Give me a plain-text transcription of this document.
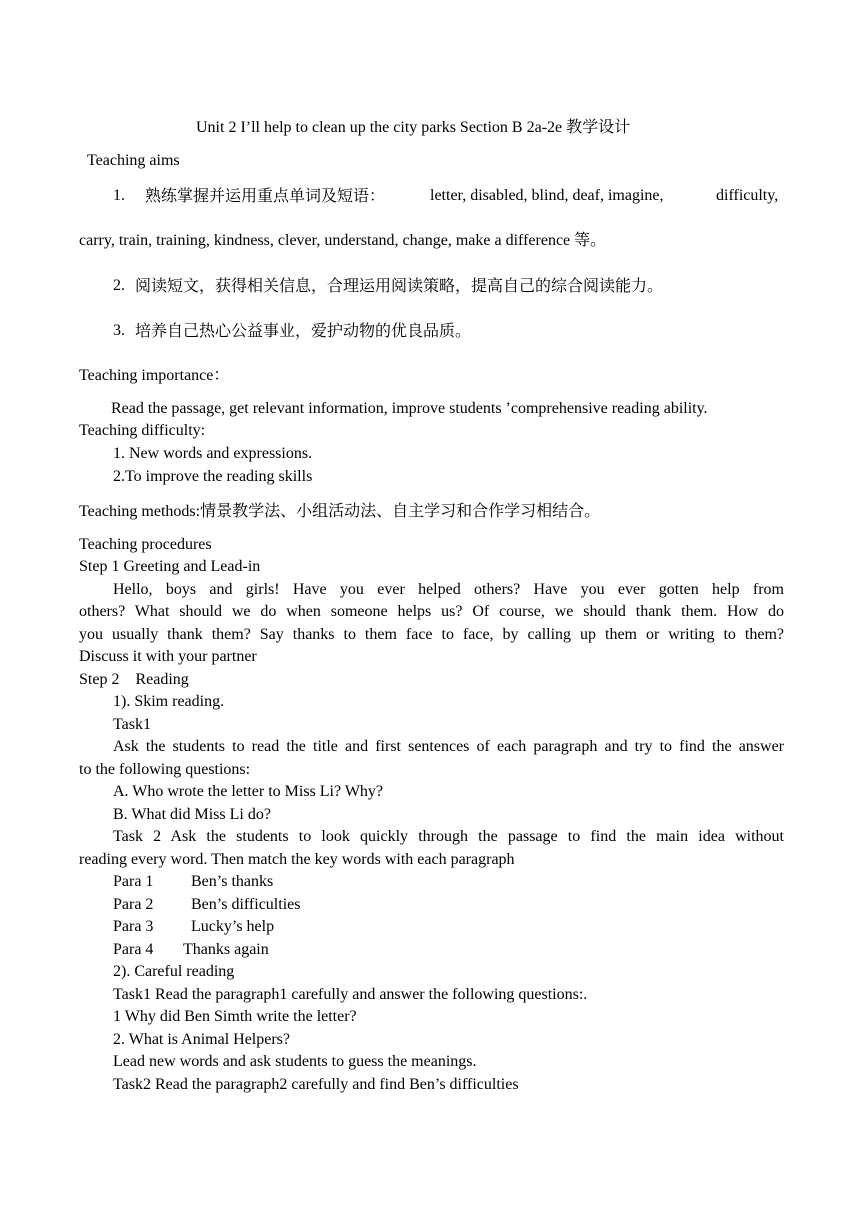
Unit 2 I’ll help to clean up the city parks Section B 2a-2e 教学设计
Teaching aims
1. 熟练掌握并运用重点单词及短语：	letter, disabled, blind, deaf, imagine,	difficulty,
carry, train, training, kindness, clever, understand, change, make a difference 等。
2. 阅读短文，获得相关信息，合理运用阅读策略，提高自己的综合阅读能力。
3. 培养自己热心公益事业，爱护动物的优良品质。
Teaching importance：
Read the passage, get relevant information, improve students ’comprehensive reading ability.
Teaching difficulty:
1. New words and expressions.
2.To improve the reading skills
Teaching methods:情景教学法、小组活动法、自主学习和合作学习相结合。
Teaching procedures
Step 1 Greeting and Lead-in
Hello, boys and girls! Have you ever helped others? Have you ever gotten help from
others? What should we do when someone helps us? Of course, we should thank them. How do
you usually thank them? Say thanks to them face to face, by calling up them or writing to them?
Discuss it with your partner
Step 2    Reading
1). Skim reading.
Task1
Ask the students to read the title and first sentences of each paragraph and try to find the answer
to the following questions:
A. Who wrote the letter to Miss Li? Why?
B. What did Miss Li do?
Task 2 Ask the students to look quickly through the passage to find the main idea without
reading every word. Then match the key words with each paragraph
Para 1 Ben’s thanks
Para 2 Ben’s difficulties
Para 3 Lucky’s help
Para 4 Thanks again
2). Careful reading
Task1 Read the paragraph1 carefully and answer the following questions:.
1 Why did Ben Simth write the letter?
2. What is Animal Helpers?
Lead new words and ask students to guess the meanings.
Task2 Read the paragraph2 carefully and find Ben’s difficulties
